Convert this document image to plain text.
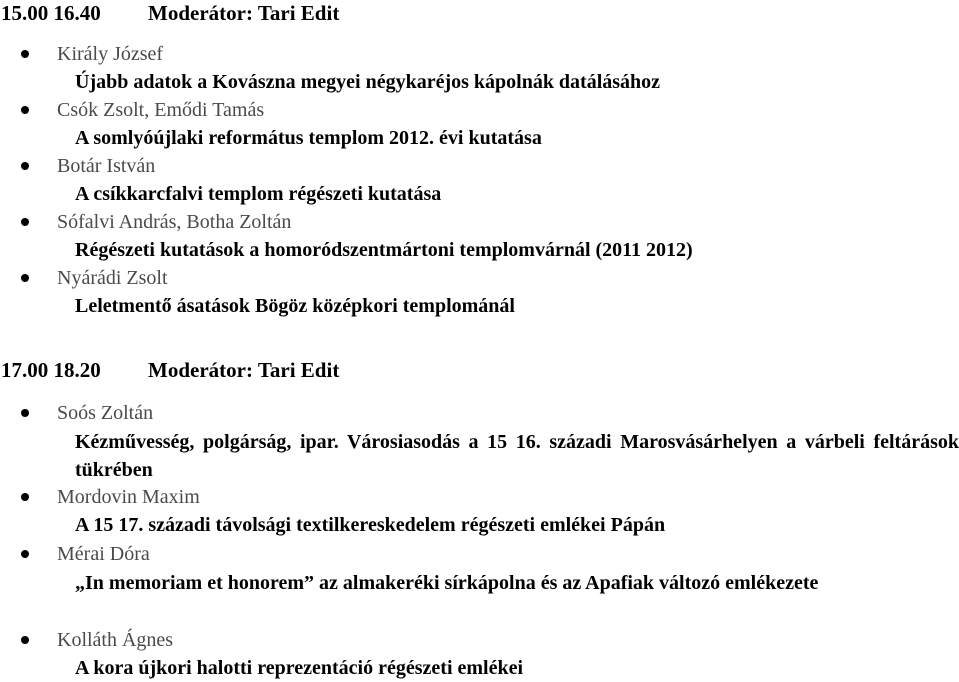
15.00 16.40 Moderátor: Tari Edit
Király József
Újabb adatok a Kovászna megyei négykaréjos kápolnák datálásához
Csók Zsolt, Emődi Tamás
A somlyóújlaki református templom 2012. évi kutatása
Botár István
A csíkkarcfalvi templom régészeti kutatása
Sófalvi András, Botha Zoltán
Régészeti kutatások a homoródszentmártoni templomvárnál (2011 2012)
Nyárádi Zsolt
Leletmentő ásatások Bögöz középkori templománál
17.00 18.20 Moderátor: Tari Edit
Soós Zoltán
Kézművesség, polgárság, ipar. Városiasodás a 15 16. századi Marosvásárhelyen a várbeli feltárások tükrében
Mordovin Maxim
A 15 17. századi távolsági textilkereskedelem régészeti emlékei Pápán
Mérai Dóra
„In memoriam et honorem” az almakeréki sírkápolna és az Apafiak változó emlékezete
Kolláth Ágnes
A kora újkori halotti reprezentáció régészeti emlékei
